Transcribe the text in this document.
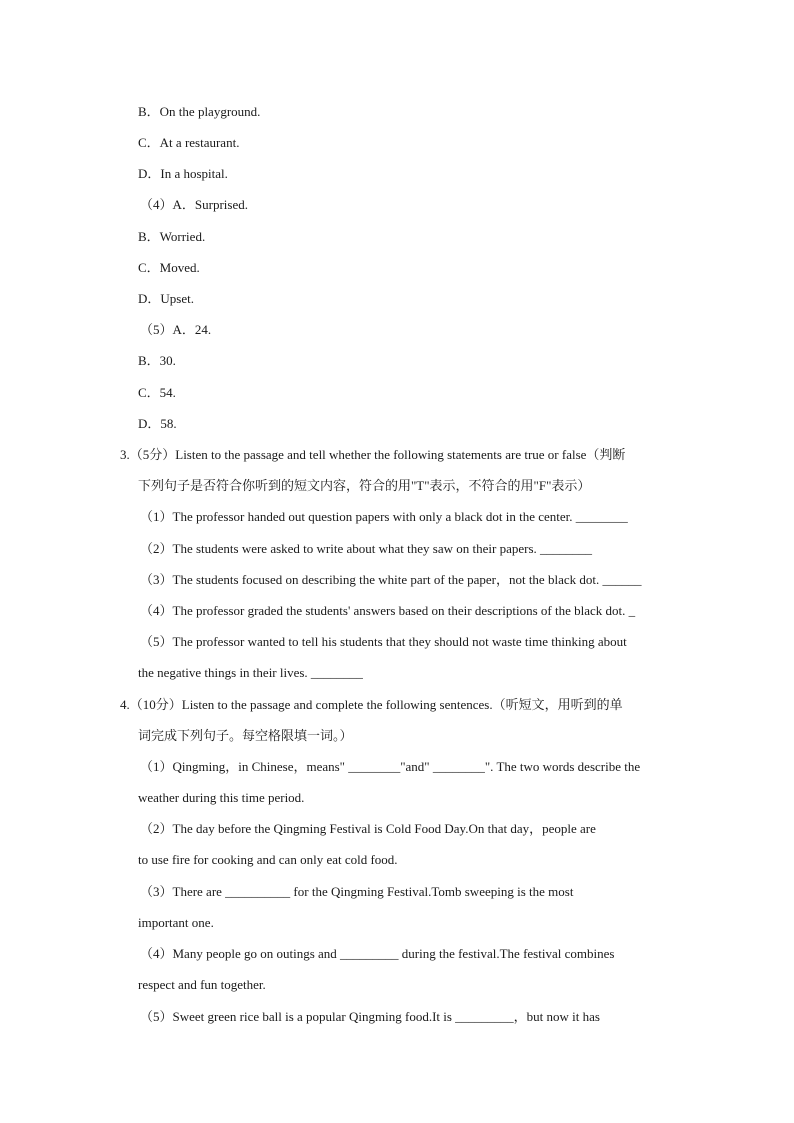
B．On the playground.
C．At a restaurant.
D．In a hospital.
（4）A．Surprised.
B．Worried.
C．Moved.
D．Upset.
（5）A．24.
B．30.
C．54.
D．58.
3.（5分）Listen to the passage and tell whether the following statements are true or false（判断
下列句子是否符合你听到的短文内容，符合的用"T"表示，不符合的用"F"表示）
（1）The professor handed out question papers with only a black dot in the center. ________
（2）The students were asked to write about what they saw on their papers. ________
（3）The students focused on describing the white part of the paper，not the black dot. ______
（4）The professor graded the students' answers based on their descriptions of the black dot. _
（5）The professor wanted to tell his students that they should not waste time thinking about
the negative things in their lives. ________
4.（10分）Listen to the passage and complete the following sentences.（听短文，用听到的单
词完成下列句子。每空格限填一词。）
（1）Qingming，in Chinese，means" ________"and" ________". The two words describe the
weather during this time period.
（2）The day before the Qingming Festival is Cold Food Day.On that day，people are
to use fire for cooking and can only eat cold food.
（3）There are __________ for the Qingming Festival.Tomb sweeping is the most
important one.
（4）Many people go on outings and _________ during the festival.The festival combines
respect and fun together.
（5）Sweet green rice ball is a popular Qingming food.It is _________，but now it has
